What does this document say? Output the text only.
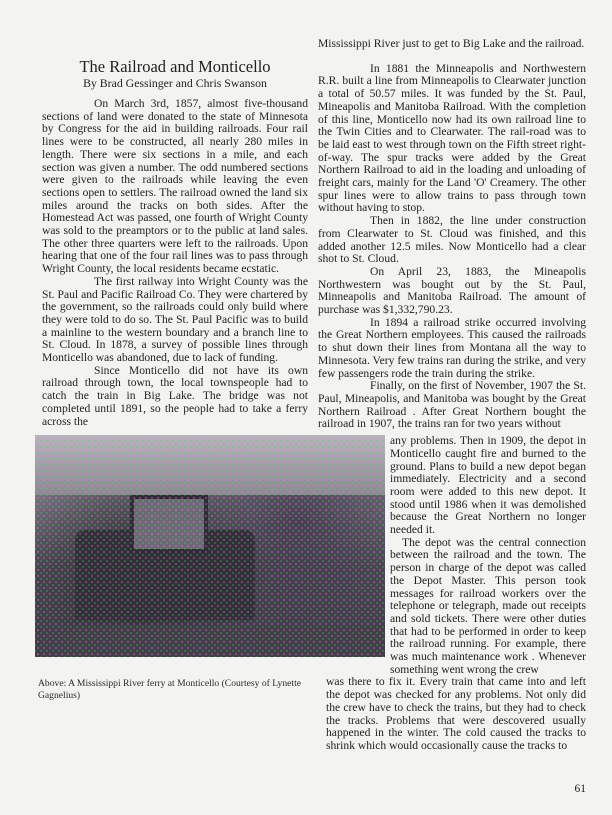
The Railroad and Monticello
By Brad Gessinger and Chris Swanson

On March 3rd, 1857, almost five-thousand sections of land were donated to the state of Minnesota by Congress for the aid in building railroads. Four rail lines were to be constructed, all nearly 280 miles in length. There were six sections in a mile, and each section was given a number. The odd numbered sections were given to the railroads while leaving the even sections open to settlers. The railroad owned the land six miles around the tracks on both sides. After the Homestead Act was passed, one fourth of Wright County was sold to the preamptors or to the public at land sales. The other three quarters were left to the railroads. Upon hearing that one of the four rail lines was to pass through Wright County, the local residents became ecstatic.

The first railway into Wright County was the St. Paul and Pacific Railroad Co. They were chartered by the government, so the railroads could only build where they were told to do so. The St. Paul Pacific was to build a mainline to the western boundary and a branch line to St. Cloud. In 1878, a survey of possible lines through Monticello was abandoned, due to lack of funding.

Since Monticello did not have its own railroad through town, the local townspeople had to catch the train in Big Lake. The bridge was not completed until 1891, so the people had to take a ferry across the

Mississippi River just to get to Big Lake and the railroad.

In 1881 the Minneapolis and Northwestern R.R. built a line from Minneapolis to Clearwater junction a total of 50.57 miles. It was funded by the St. Paul, Mineapolis and Manitoba Railroad. With the completion of this line, Monticello now had its own railroad line to the Twin Cities and to Clearwater. The rail-road was to be laid east to west through town on the Fifth street right-of-way. The spur tracks were added by the Great Northern Railroad to aid in the loading and unloading of freight cars, mainly for the Land 'O' Creamery. The other spur lines were to allow trains to pass through town without having to stop.

Then in 1882, the line under construction from Clearwater to St. Cloud was finished, and this added another 12.5 miles. Now Monticello had a clear shot to St. Cloud.

On April 23, 1883, the Mineapolis Northwestern was bought out by the St. Paul, Minneapolis and Manitoba Railroad. The amount of purchase was $1,332,790.23.

In 1894 a railroad strike occurred involving the Great Northern employees. This caused the railroads to shut down their lines from Montana all the way to Minnesota. Very few trains ran during the strike, and very few passengers rode the train during the strike.

Finally, on the first of November, 1907 the St. Paul, Mineapolis, and Manitoba was bought by the Great Northern Railroad . After Great Northern bought the railroad in 1907, the trains ran for two years without

any problems. Then in 1909, the depot in Monticello caught fire and burned to the ground. Plans to build a new depot began immediately. Electricity and a second room were added to this new depot. It stood until 1986 when it was demolished because the Great Northern no longer needed it.

The depot was the central connection between the railroad and the town. The person in charge of the depot was called the Depot Master. This person took messages for railroad workers over the telephone or telegraph, made out receipts and sold tickets. There were other duties that had to be performed in order to keep the railroad running. For example, there was much maintenance work . Whenever something went wrong the crew

Above: A Mississippi River ferry at Monticello (Courtesy of Lynette Gagnelius)

was there to fix it. Every train that came into and left the depot was checked for any problems. Not only did the crew have to check the trains, but they had to check the tracks. Problems that were descovered usually happened in the winter. The cold caused the tracks to shrink which would occasionally cause the tracks to

61
